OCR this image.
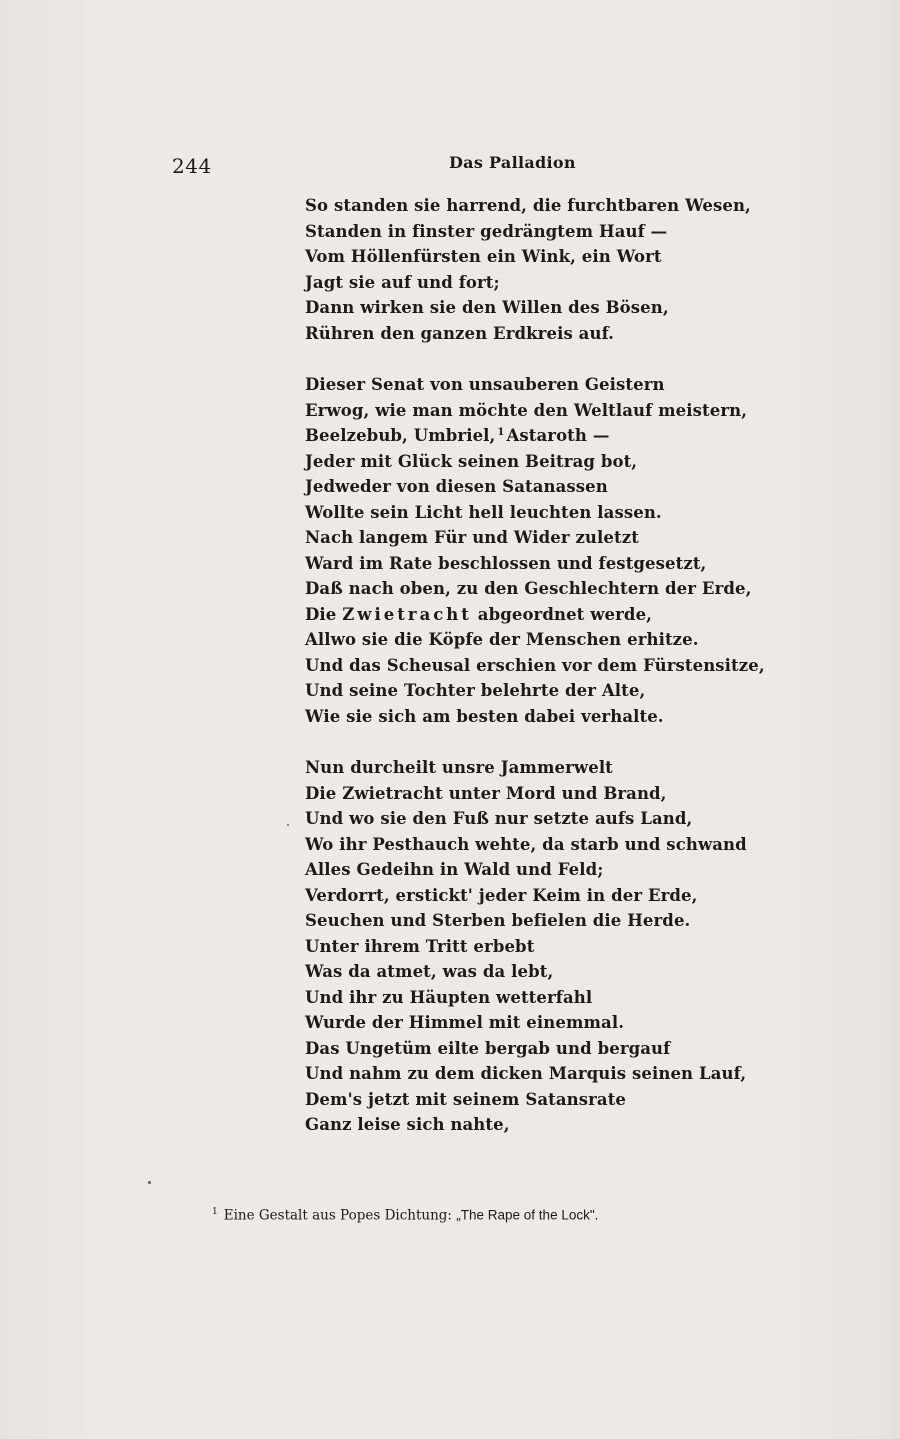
244	Das Palladion
So standen sie harrend, die furchtbaren Wesen,
Standen in finster gedrängtem Hauf —
Vom Höllenfürsten ein Wink, ein Wort
Jagt sie auf und fort;
Dann wirken sie den Willen des Bösen,
Rühren den ganzen Erdkreis auf.
Dieser Senat von unsauberen Geistern
Erwog, wie man möchte den Weltlauf meistern,
Beelzebub, Umbriel, $^1$ Astaroth —
Jeder mit Glück seinen Beitrag bot,
Jedweder von diesen Satanassen
Wollte sein Licht hell leuchten lassen.
Nach langem Für und Wider zuletzt
Ward im Rate beschlossen und festgesetzt,
Daß nach oben, zu den Geschlechtern der Erde,
Die Zwietracht abgeordnet werde,
Allwo sie die Köpfe der Menschen erhitze.
Und das Scheusal erschien vor dem Fürstensitze,
Und seine Tochter belehrte der Alte,
Wie sie sich am besten dabei verhalte.
Nun durcheilt unsre Jammerwelt
Die Zwietracht unter Mord und Brand,
Und wo sie den Fuß nur setzte aufs Land,
Wo ihr Pesthauch wehte, da starb und schwand
Alles Gedeihn in Wald und Feld;
Verdorrt, erstickt' jeder Keim in der Erde,
Seuchen und Sterben befielen die Herde.
Unter ihrem Tritt erbebt
Was da atmet, was da lebt,
Und ihr zu Häupten wetterfahl
Wurde der Himmel mit einemmal.
Das Ungetüm eilte bergab und bergauf
Und nahm zu dem dicken Marquis seinen Lauf,
Dem's jetzt mit seinem Satansrate
Ganz leise sich nahte,
$^1$ Eine Gestalt aus Popes Dichtung: „The Rape of the Lock".
